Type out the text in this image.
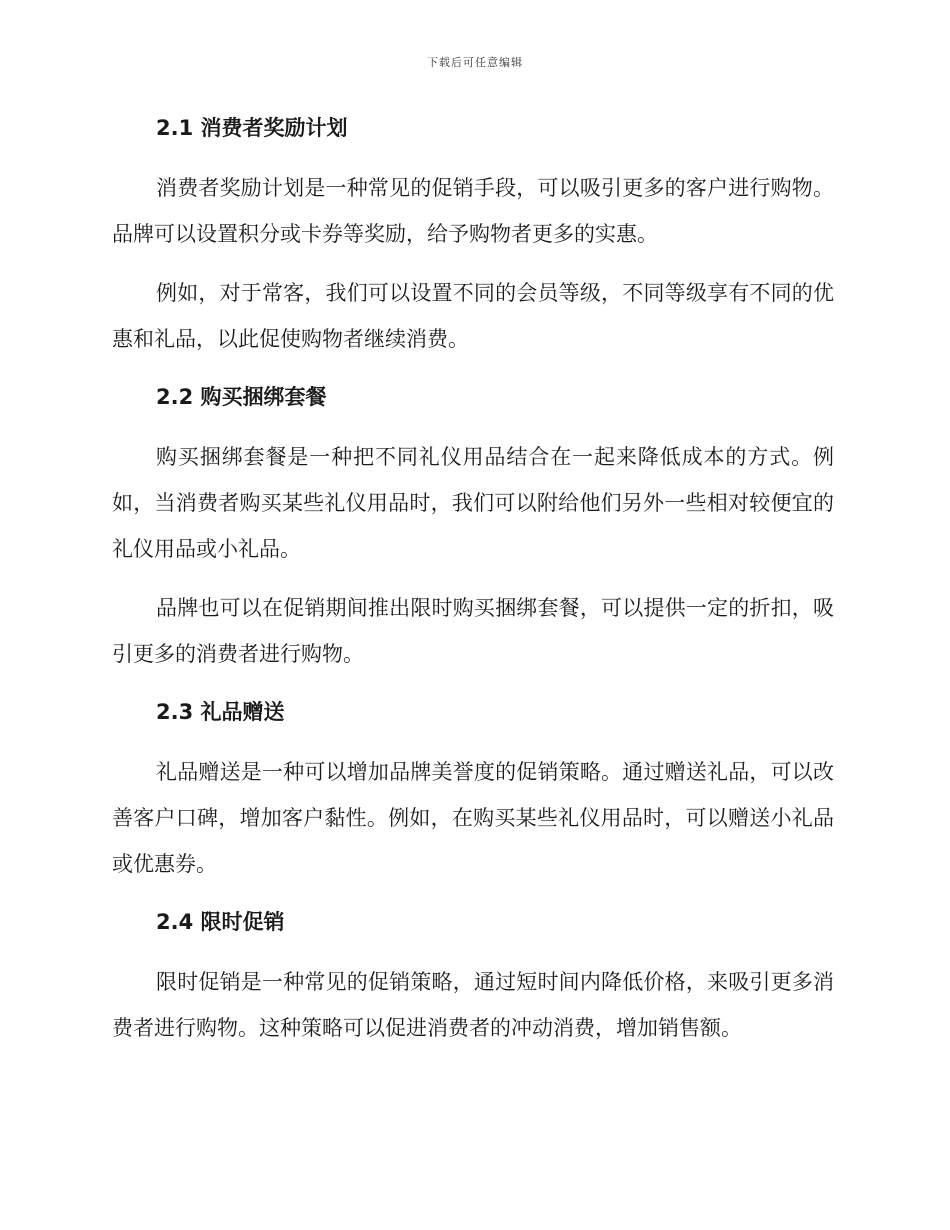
下载后可任意编辑
2.1 消费者奖励计划

消费者奖励计划是一种常见的促销手段，可以吸引更多的客户进行购物。品牌可以设置积分或卡券等奖励，给予购物者更多的实惠。

例如，对于常客，我们可以设置不同的会员等级，不同等级享有不同的优惠和礼品，以此促使购物者继续消费。

2.2 购买捆绑套餐

购买捆绑套餐是一种把不同礼仪用品结合在一起来降低成本的方式。例如，当消费者购买某些礼仪用品时，我们可以附给他们另外一些相对较便宜的礼仪用品或小礼品。

品牌也可以在促销期间推出限时购买捆绑套餐，可以提供一定的折扣，吸引更多的消费者进行购物。

2.3 礼品赠送

礼品赠送是一种可以增加品牌美誉度的促销策略。通过赠送礼品，可以改善客户口碑，增加客户黏性。例如，在购买某些礼仪用品时，可以赠送小礼品或优惠券。

2.4 限时促销

限时促销是一种常见的促销策略，通过短时间内降低价格，来吸引更多消费者进行购物。这种策略可以促进消费者的冲动消费，增加销售额。
